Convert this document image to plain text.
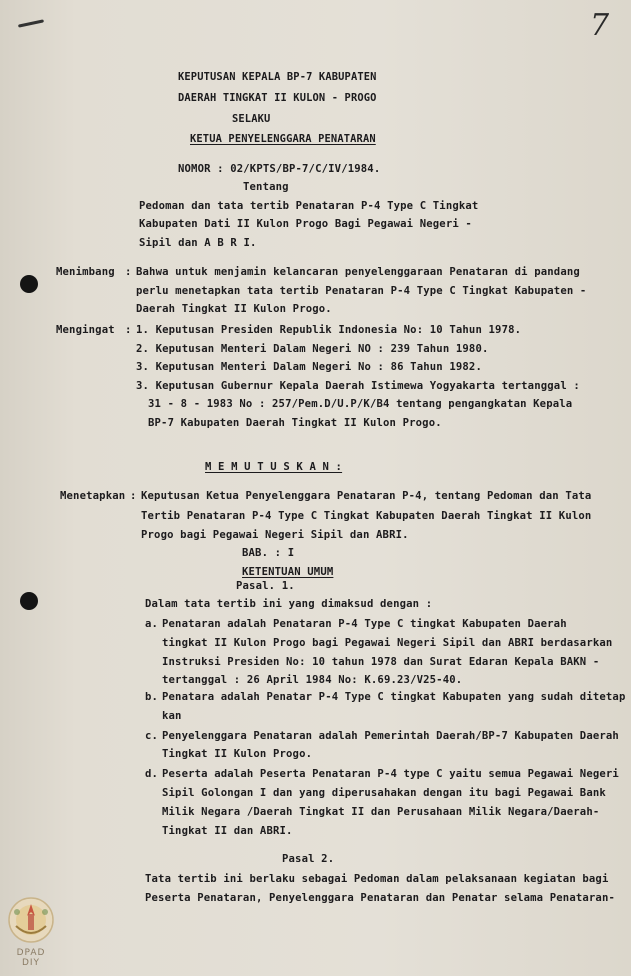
7
KEPUTUSAN KEPALA BP-7 KABUPATEN
DAERAH TINGKAT II KULON - PROGO
SELAKU
KETUA PENYELENGGARA PENATARAN
NOMOR : 02/KPTS/BP-7/C/IV/1984.
Tentang
Pedoman dan tata tertib Penataran P-4 Type C Tingkat
Kabupaten Dati II Kulon Progo Bagi Pegawai Negeri -
Sipil dan A B R I.
Menimbang : Bahwa untuk menjamin kelancaran penyelenggaraan Penataran di pandang
perlu menetapkan tata tertib Penataran P-4 Type C Tingkat Kabupaten -
Daerah Tingkat II Kulon Progo.
Mengingat : 1. Keputusan Presiden Republik Indonesia No: 10 Tahun 1978.
2. Keputusan Menteri Dalam Negeri NO : 239 Tahun 1980.
3. Keputusan Menteri Dalam Negeri No : 86 Tahun 1982.
3. Keputusan Gubernur Kepala Daerah Istimewa Yogyakarta tertanggal :
31 - 8 - 1983 No : 257/Pem.D/U.P/K/B4 tentang pengangkatan Kepala
BP-7 Kabupaten Daerah Tingkat II Kulon Progo.
M E M U T U S K A N :
Menetapkan : Keputusan Ketua Penyelenggara Penataran P-4, tentang Pedoman dan Tata
Tertib Penataran P-4 Type C Tingkat Kabupaten Daerah Tingkat II Kulon
Progo bagi Pegawai Negeri Sipil dan ABRI.
BAB. : I
KETENTUAN UMUM
Pasal. 1.
Dalam tata tertib ini yang dimaksud dengan :
a. Penataran adalah Penataran P-4 Type C tingkat Kabupaten Daerah
tingkat II Kulon Progo bagi Pegawai Negeri Sipil dan ABRI berdasarkan
Instruksi Presiden No: 10 tahun 1978 dan Surat Edaran Kepala BAKN -
tertanggal : 26 April 1984 No: K.69.23/V25-40.
b. Penatara adalah Penatar P-4 Type C tingkat Kabupaten yang sudah ditetap
kan
c. Penyelenggara Penataran adalah Pemerintah Daerah/BP-7 Kabupaten Daerah
Tingkat II Kulon Progo.
d. Peserta adalah Peserta Penataran P-4 type C yaitu semua Pegawai Negeri
Sipil Golongan I dan yang diperusahakan dengan itu bagi Pegawai Bank
Milik Negara /Daerah Tingkat II dan Perusahaan Milik Negara/Daerah-
Tingkat II dan ABRI.
Pasal 2.
Tata tertib ini berlaku sebagai Pedoman dalam pelaksanaan kegiatan bagi
Peserta Penataran, Penyelenggara Penataran dan Penatar selama Penataran-
DPAD
DIY
